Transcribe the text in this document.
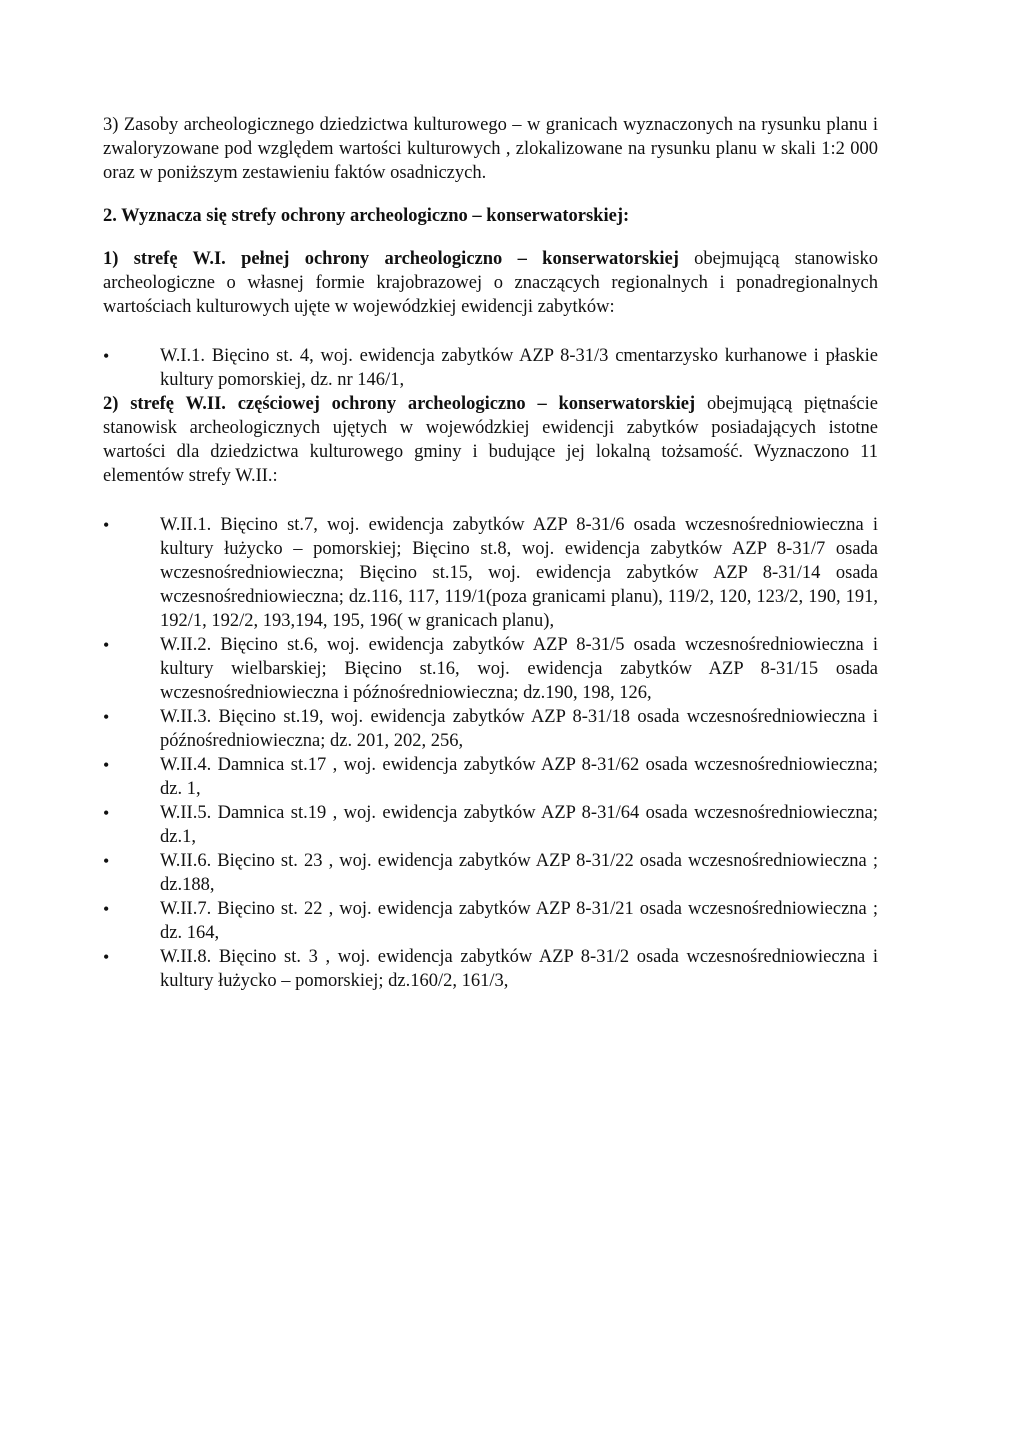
3) Zasoby archeologicznego dziedzictwa kulturowego – w granicach wyznaczonych na rysunku planu i zwaloryzowane pod względem wartości kulturowych , zlokalizowane na rysunku planu w skali 1:2 000 oraz w poniższym zestawieniu faktów osadniczych.

2. Wyznacza się strefy ochrony archeologiczno – konserwatorskiej:

1) strefę W.I. pełnej ochrony archeologiczno – konserwatorskiej obejmującą stanowisko archeologiczne o własnej formie krajobrazowej o znaczących regionalnych i ponadregionalnych wartościach kulturowych ujęte w wojewódzkiej ewidencji zabytków:

•	W.I.1. Bięcino st. 4, woj. ewidencja zabytków AZP 8-31/3 cmentarzysko kurhanowe i płaskie kultury pomorskiej, dz. nr 146/1,

2) strefę W.II. częściowej ochrony archeologiczno – konserwatorskiej obejmującą piętnaście stanowisk archeologicznych ujętych w wojewódzkiej ewidencji zabytków posiadających istotne wartości dla dziedzictwa kulturowego gminy i budujące jej lokalną tożsamość. Wyznaczono 11 elementów strefy W.II.:

•	W.II.1. Bięcino st.7, woj. ewidencja zabytków AZP 8-31/6 osada wczesnośredniowieczna i kultury łużycko – pomorskiej; Bięcino st.8, woj. ewidencja zabytków AZP 8-31/7 osada wczesnośredniowieczna; Bięcino st.15, woj. ewidencja zabytków AZP 8-31/14 osada wczesnośredniowieczna; dz.116, 117, 119/1(poza granicami planu), 119/2, 120, 123/2, 190, 191, 192/1, 192/2, 193,194, 195, 196( w granicach planu),
•	W.II.2. Bięcino st.6, woj. ewidencja zabytków AZP 8-31/5 osada wczesnośredniowieczna i kultury wielbarskiej; Bięcino st.16, woj. ewidencja zabytków AZP 8-31/15 osada wczesnośredniowieczna i późnośredniowieczna; dz.190, 198, 126,
•	W.II.3. Bięcino st.19, woj. ewidencja zabytków AZP 8-31/18 osada wczesnośredniowieczna i późnośredniowieczna; dz. 201, 202, 256,
•	W.II.4. Damnica st.17 , woj. ewidencja zabytków AZP 8-31/62 osada wczesnośredniowieczna; dz. 1,
•	W.II.5. Damnica st.19 , woj. ewidencja zabytków AZP 8-31/64 osada wczesnośredniowieczna; dz.1,
•	W.II.6. Bięcino st. 23 , woj. ewidencja zabytków AZP 8-31/22 osada wczesnośredniowieczna ; dz.188,
•	W.II.7. Bięcino st. 22 , woj. ewidencja zabytków AZP 8-31/21 osada wczesnośredniowieczna ; dz. 164,
•	W.II.8. Bięcino st. 3 , woj. ewidencja zabytków AZP 8-31/2 osada wczesnośredniowieczna i kultury łużycko – pomorskiej; dz.160/2, 161/3,
